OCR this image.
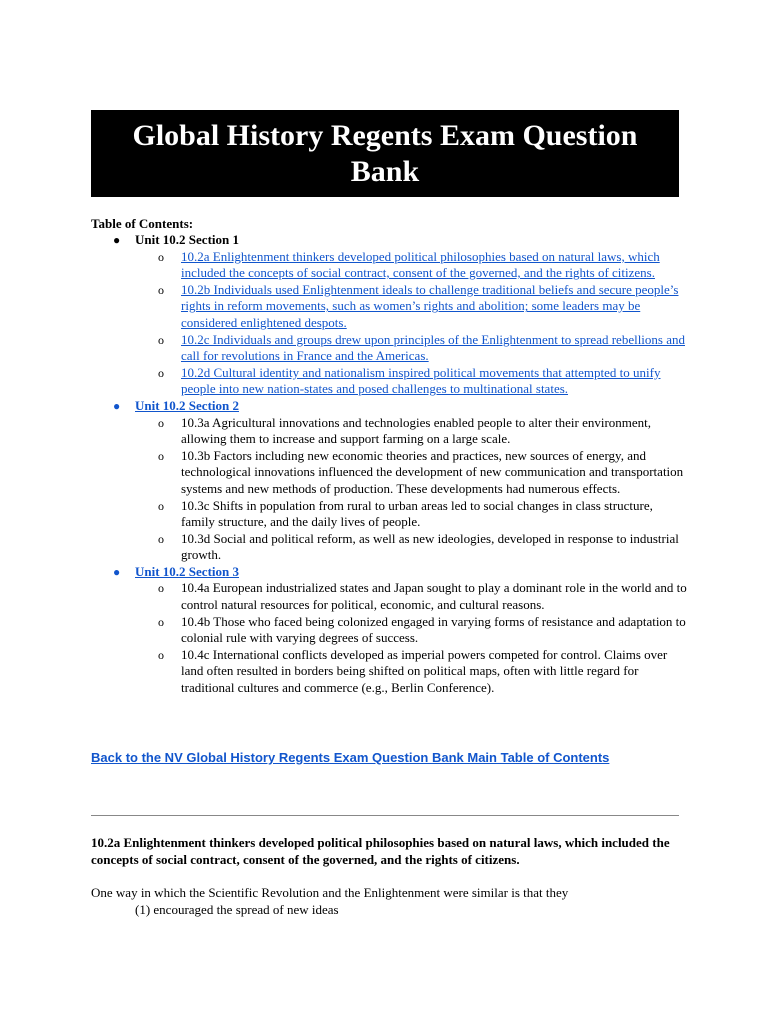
Global History Regents Exam Question Bank
Table of Contents:
● Unit 10.2 Section 1
o 10.2a Enlightenment thinkers developed political philosophies based on natural laws, which included the concepts of social contract, consent of the governed, and the rights of citizens.
o 10.2b Individuals used Enlightenment ideals to challenge traditional beliefs and secure people’s rights in reform movements, such as women’s rights and abolition; some leaders may be considered enlightened despots.
o 10.2c Individuals and groups drew upon principles of the Enlightenment to spread rebellions and call for revolutions in France and the Americas.
o 10.2d Cultural identity and nationalism inspired political movements that attempted to unify people into new nation-states and posed challenges to multinational states.
● Unit 10.2 Section 2
o 10.3a Agricultural innovations and technologies enabled people to alter their environment, allowing them to increase and support farming on a large scale.
o 10.3b Factors including new economic theories and practices, new sources of energy, and technological innovations influenced the development of new communication and transportation systems and new methods of production. These developments had numerous effects.
o 10.3c Shifts in population from rural to urban areas led to social changes in class structure, family structure, and the daily lives of people.
o 10.3d Social and political reform, as well as new ideologies, developed in response to industrial growth.
● Unit 10.2 Section 3
o 10.4a European industrialized states and Japan sought to play a dominant role in the world and to control natural resources for political, economic, and cultural reasons.
o 10.4b Those who faced being colonized engaged in varying forms of resistance and adaptation to colonial rule with varying degrees of success.
o 10.4c International conflicts developed as imperial powers competed for control. Claims over land often resulted in borders being shifted on political maps, often with little regard for traditional cultures and commerce (e.g., Berlin Conference).
Back to the NV Global History Regents Exam Question Bank Main Table of Contents
10.2a Enlightenment thinkers developed political philosophies based on natural laws, which included the concepts of social contract, consent of the governed, and the rights of citizens.
One way in which the Scientific Revolution and the Enlightenment were similar is that they
(1) encouraged the spread of new ideas
